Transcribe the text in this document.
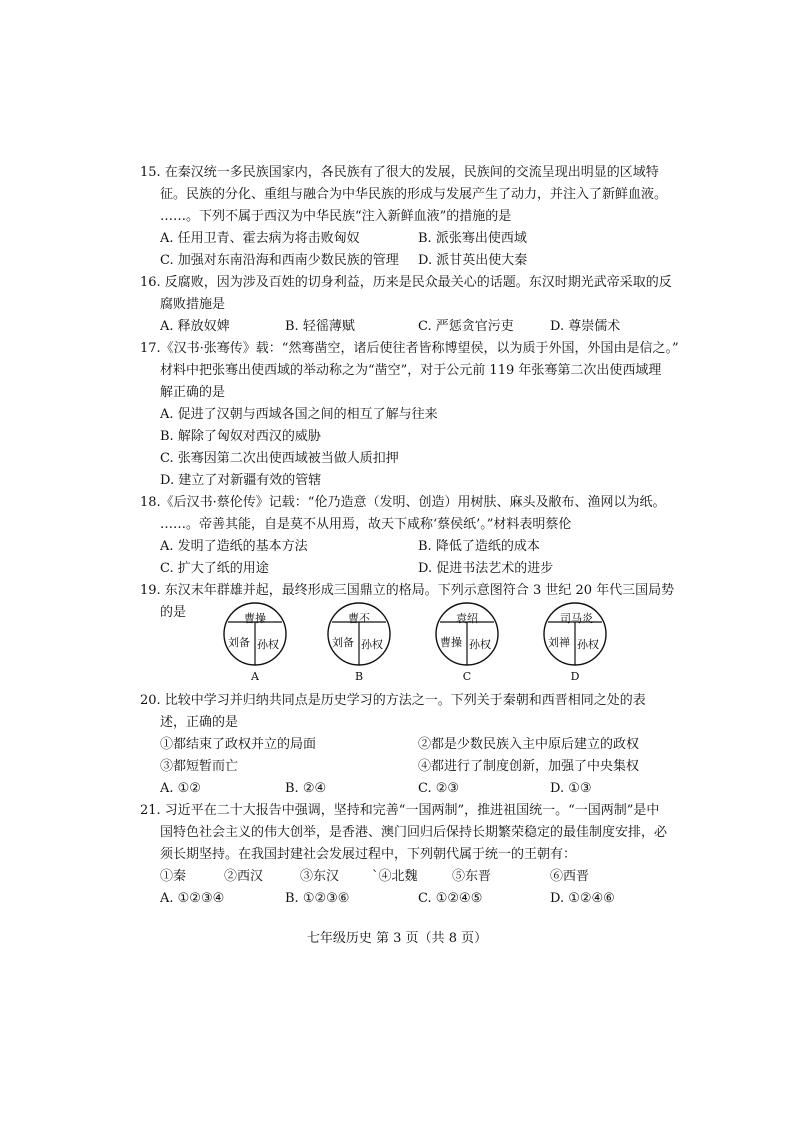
15. 在秦汉统一多民族国家内，各民族有了很大的发展，民族间的交流呈现出明显的区域特
征。民族的分化、重组与融合为中华民族的形成与发展产生了动力，并注入了新鲜血液。
……。下列不属于西汉为中华民族“注入新鲜血液”的措施的是
A. 任用卫青、霍去病为将击败匈奴	B. 派张骞出使西域
C. 加强对东南沿海和西南少数民族的管理 D. 派甘英出使大秦
16. 反腐败，因为涉及百姓的切身利益，历来是民众最关心的话题。东汉时期光武帝采取的反
腐败措施是
A. 释放奴婢	B. 轻徭薄赋	C. 严惩贪官污吏	D. 尊崇儒术
17.《汉书·张骞传》载：“然骞凿空，诸后使往者皆称博望侯，以为质于外国，外国由是信之。”
材料中把张骞出使西域的举动称之为“凿空”，对于公元前 119 年张骞第二次出使西域理
解正确的是
A. 促进了汉朝与西域各国之间的相互了解与往来
B. 解除了匈奴对西汉的威胁
C. 张骞因第二次出使西域被当做人质扣押
D. 建立了对新疆有效的管辖
18.《后汉书·蔡伦传》记载：“伦乃造意（发明、创造）用树肤、麻头及敝布、渔网以为纸。
……。帝善其能，自是莫不从用焉，故天下咸称‘蔡侯纸’。”材料表明蔡伦
A. 发明了造纸的基本方法	B. 降低了造纸的成本
C. 扩大了纸的用途	D. 促进书法艺术的进步
19. 东汉末年群雄并起，最终形成三国鼎立的格局。下列示意图符合 3 世纪 20 年代三国局势
的是	曹操
刘备 孙权
A
曹丕
刘备 孙权
B
袁绍
曹操 孙权
C
司马炎
刘禅 孙权
D
20. 比较中学习并归纳共同点是历史学习的方法之一。下列关于秦朝和西晋相同之处的表
述，正确的是
①都结束了政权并立的局面	②都是少数民族入主中原后建立的政权
③都短暂而亡	④都进行了制度创新，加强了中央集权
A. ①②	B. ②④	C. ②③	D. ①③
21. 习近平在二十大报告中强调，坚持和完善“一国两制”，推进祖国统一。“一国两制”是中
国特色社会主义的伟大创举，是香港、澳门回归后保持长期繁荣稳定的最佳制度安排，必
须长期坚持。在我国封建社会发展过程中，下列朝代属于统一的王朝有：
①秦	②西汉	③东汉	`④北魏	⑤东晋	⑥西晋
A. ①②③④	B. ①②③⑥	C. ①②④⑤	D. ①②④⑥
七年级历史 第 3 页（共 8 页）
